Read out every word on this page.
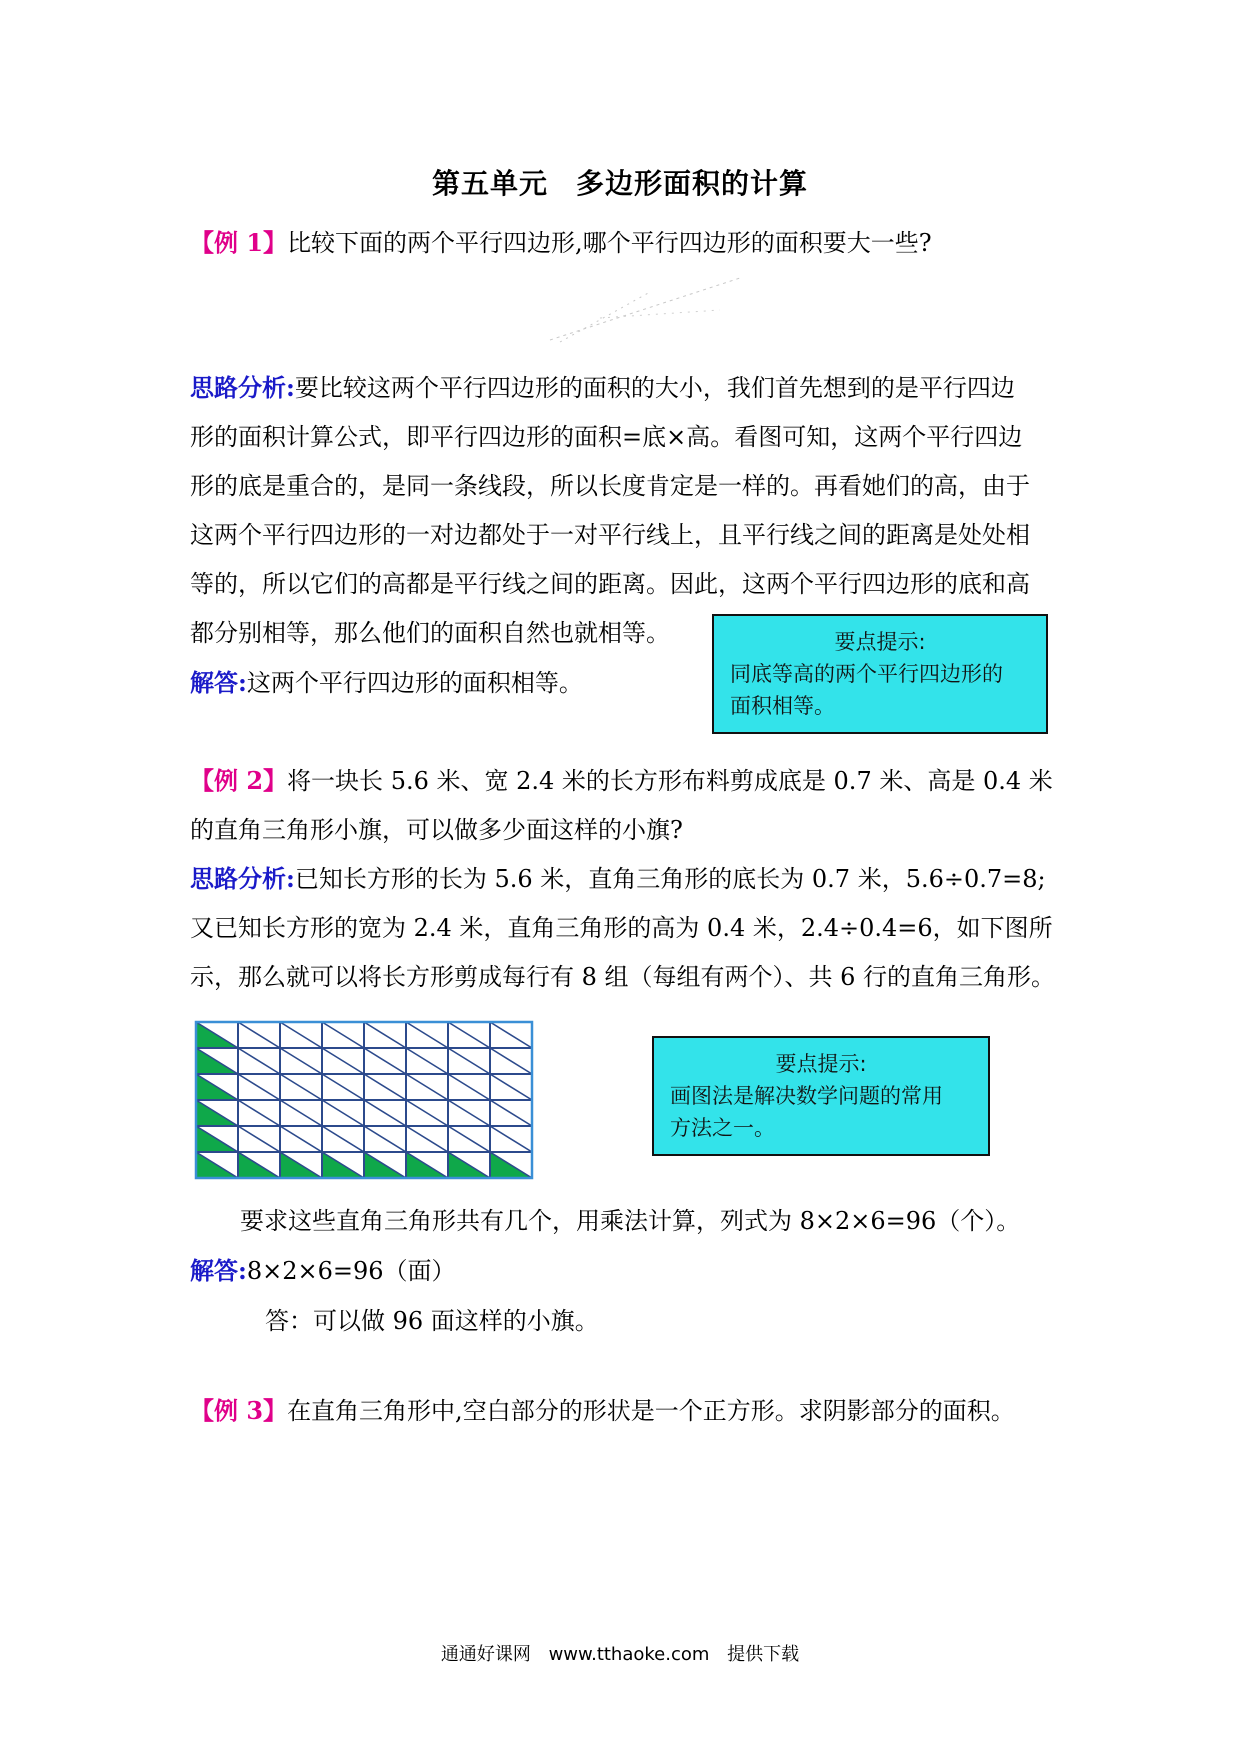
第五单元 多边形面积的计算
【例 1】比较下面的两个平行四边形,哪个平行四边形的面积要大一些?
思路分析:要比较这两个平行四边形的面积的大小，我们首先想到的是平行四边
形的面积计算公式，即平行四边形的面积=底×高。看图可知，这两个平行四边
形的底是重合的，是同一条线段，所以长度肯定是一样的。再看她们的高，由于
这两个平行四边形的一对边都处于一对平行线上，且平行线之间的距离是处处相
等的，所以它们的高都是平行线之间的距离。因此，这两个平行四边形的底和高
都分别相等，那么他们的面积自然也就相等。
解答:这两个平行四边形的面积相等。
要点提示:
同底等高的两个平行四边形的
面积相等。
【例 2】将一块长 5.6 米、宽 2.4 米的长方形布料剪成底是 0.7 米、高是 0.4 米
的直角三角形小旗，可以做多少面这样的小旗?
思路分析:已知长方形的长为 5.6 米，直角三角形的底长为 0.7 米，5.6÷0.7=8;
又已知长方形的宽为 2.4 米，直角三角形的高为 0.4 米，2.4÷0.4=6，如下图所
示，那么就可以将长方形剪成每行有 8 组（每组有两个）、共 6 行的直角三角形。
要点提示:
画图法是解决数学问题的常用
方法之一。
要求这些直角三角形共有几个，用乘法计算，列式为 8×2×6=96（个）。
解答:8×2×6=96（面）
答：可以做 96 面这样的小旗。
【例 3】在直角三角形中,空白部分的形状是一个正方形。求阴影部分的面积。
通通好课网 www.tthaoke.com 提供下载
